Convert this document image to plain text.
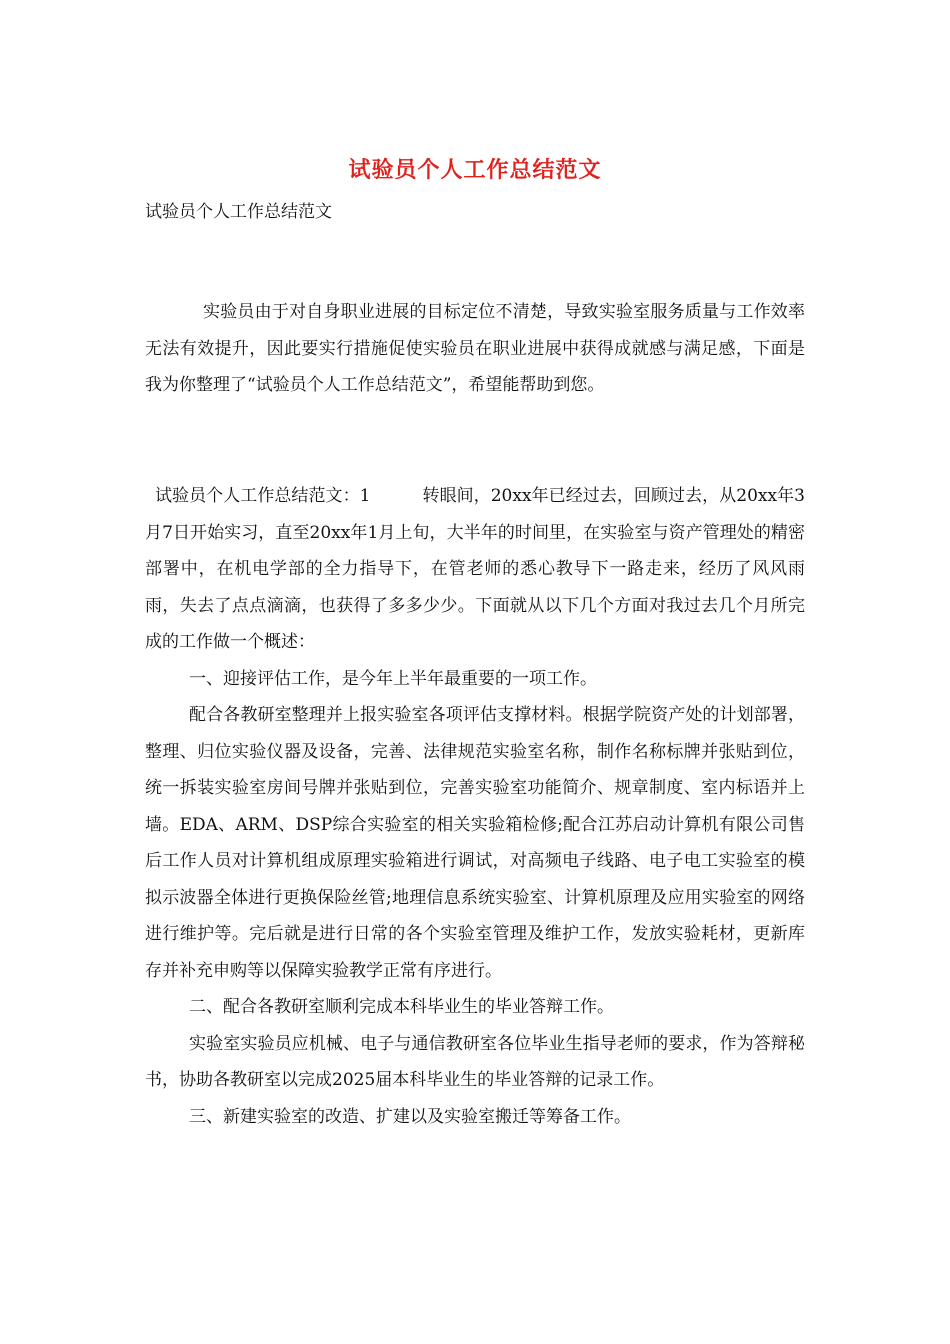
试验员个人工作总结范文
试验员个人工作总结范文

实验员由于对自身职业进展的目标定位不清楚，导致实验室服务质量与工作效率无法有效提升，因此要实行措施促使实验员在职业进展中获得成就感与满足感，下面是我为你整理了“试验员个人工作总结范文”，希望能帮助到您。

试验员个人工作总结范文：1	转眼间，20xx年已经过去，回顾过去，从20xx年3月7日开始实习，直至20xx年1月上旬，大半年的时间里，在实验室与资产管理处的精密部署中，在机电学部的全力指导下，在管老师的悉心教导下一路走来，经历了风风雨雨，失去了点点滴滴，也获得了多多少少。下面就从以下几个方面对我过去几个月所完成的工作做一个概述：
一、迎接评估工作，是今年上半年最重要的一项工作。
配合各教研室整理并上报实验室各项评估支撑材料。根据学院资产处的计划部署，整理、归位实验仪器及设备，完善、法律规范实验室名称，制作名称标牌并张贴到位，统一拆装实验室房间号牌并张贴到位，完善实验室功能简介、规章制度、室内标语并上墙。EDA、ARM、DSP综合实验室的相关实验箱检修;配合江苏启动计算机有限公司售后工作人员对计算机组成原理实验箱进行调试，对高频电子线路、电子电工实验室的模拟示波器全体进行更换保险丝管;地理信息系统实验室、计算机原理及应用实验室的网络进行维护等。完后就是进行日常的各个实验室管理及维护工作，发放实验耗材，更新库存并补充申购等以保障实验教学正常有序进行。
二、配合各教研室顺利完成本科毕业生的毕业答辩工作。
实验室实验员应机械、电子与通信教研室各位毕业生指导老师的要求，作为答辩秘书，协助各教研室以完成2025届本科毕业生的毕业答辩的记录工作。
三、新建实验室的改造、扩建以及实验室搬迁等筹备工作。
